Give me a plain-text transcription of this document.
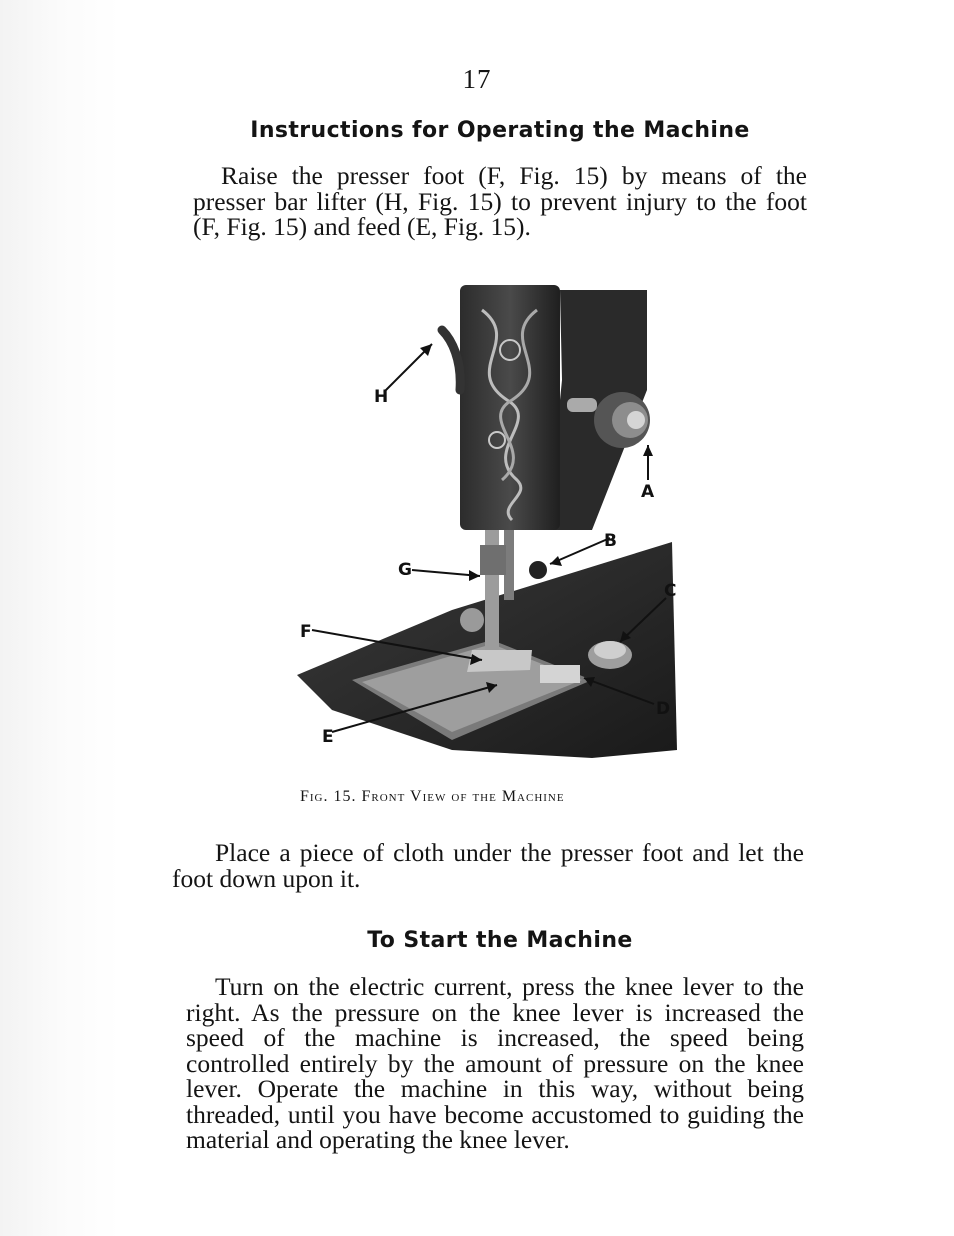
17
Instructions for Operating the Machine
Raise the presser foot (F, Fig. 15) by means of the presser bar lifter (H, Fig. 15) to prevent injury to the foot (F, Fig. 15) and feed (E, Fig. 15).
H
A
B
G
C
F
D
E
Fig. 15. Front View of the Machine
Place a piece of cloth under the presser foot and let the foot down upon it.
To Start the Machine
Turn on the electric current, press the knee lever to the right. As the pressure on the knee lever is increased the speed of the machine is increased, the speed being controlled entirely by the amount of pressure on the knee lever. Operate the machine in this way, without being threaded, until you have become accustomed to guiding the material and operating the knee lever.
